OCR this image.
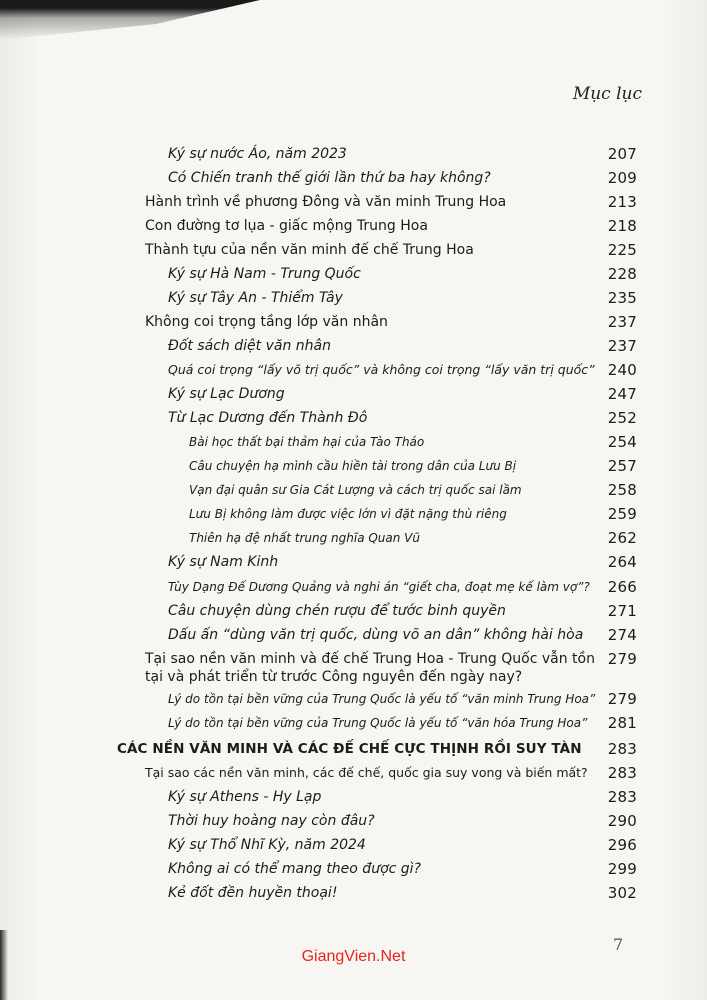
Mục lục
Ký sự nước Áo, năm 2023	207
Có Chiến tranh thế giới lần thứ ba hay không?	209
Hành trình về phương Đông và văn minh Trung Hoa	213
Con đường tơ lụa - giấc mộng Trung Hoa	218
Thành tựu của nền văn minh đế chế Trung Hoa	225
Ký sự Hà Nam - Trung Quốc	228
Ký sự Tây An - Thiểm Tây	235
Không coi trọng tầng lớp văn nhân	237
Đốt sách diệt văn nhân	237
Quá coi trọng “lấy võ trị quốc” và không coi trọng “lấy văn trị quốc” 240
Ký sự Lạc Dương	247
Từ Lạc Dương đến Thành Đô	252
Bài học thất bại thảm hại của Tào Tháo	254
Câu chuyện hạ mình cầu hiền tài trong dân của Lưu Bị	257
Vạn đại quân sư Gia Cát Lượng và cách trị quốc sai lầm	258
Lưu Bị không làm được việc lớn vì đặt nặng thù riêng	259
Thiên hạ đệ nhất trung nghĩa Quan Vũ	262
Ký sự Nam Kinh	264
Tùy Dạng Đế Dương Quảng và nghi án “giết cha, đoạt mẹ kế làm vợ”? 266
Câu chuyện dùng chén rượu để tước binh quyền	271
Dấu ấn “dùng văn trị quốc, dùng võ an dân” không hài hòa 274
Tại sao nền văn minh và đế chế Trung Hoa - Trung Quốc vẫn tồn tại và phát triển từ trước Công nguyên đến ngày nay?
279
Lý do tồn tại bền vững của Trung Quốc là yếu tố “văn minh Trung Hoa” 279
Lý do tồn tại bền vững của Trung Quốc là yếu tố “văn hóa Trung Hoa” 281
CÁC NỀN VĂN MINH VÀ CÁC ĐẾ CHẾ CỰC THỊNH RỒI SUY TÀN 283
Tại sao các nền văn minh, các đế chế, quốc gia suy vong và biến mất? 283
Ký sự Athens - Hy Lạp	283
Thời huy hoàng nay còn đâu?	290
Ký sự Thổ Nhĩ Kỳ, năm 2024	296
Không ai có thể mang theo được gì?	299
Kẻ đốt đền huyền thoại!	302
7
GiangVien.Net
